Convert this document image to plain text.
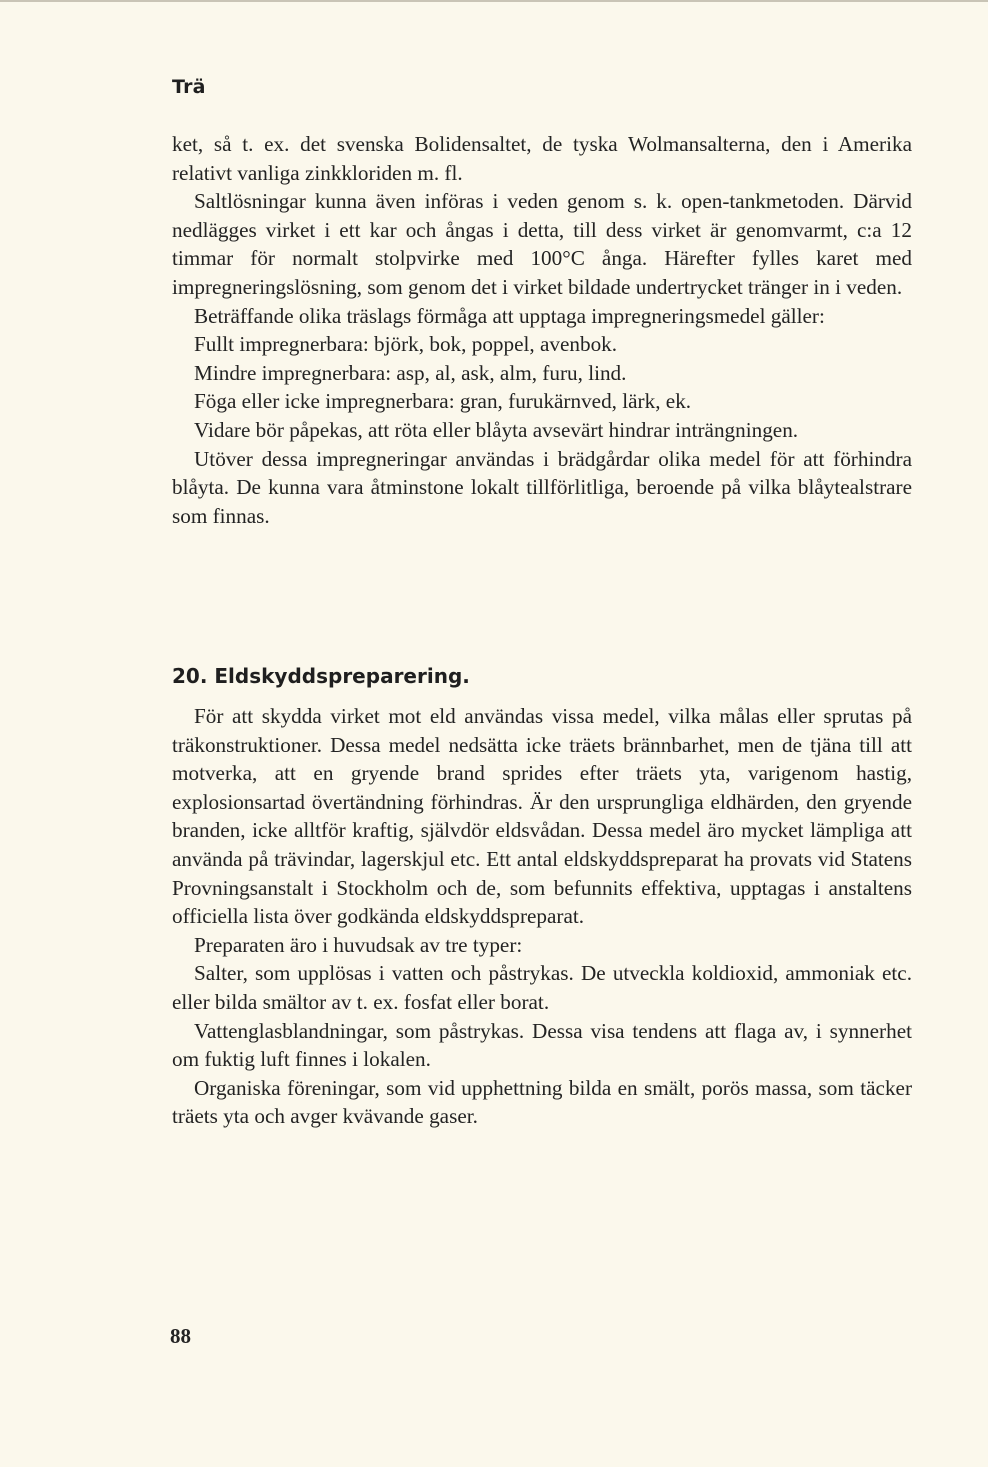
Trä

ket, så t. ex. det svenska Bolidensaltet, de tyska Wolmansalterna, den i Amerika relativt vanliga zinkkloriden m. fl.

Saltlösningar kunna även införas i veden genom s. k. open-tankmetoden. Därvid nedlägges virket i ett kar och ångas i detta, till dess virket är genomvarmt, c:a 12 timmar för normalt stolpvirke med 100°C ånga. Härefter fylles karet med impregneringslösning, som genom det i virket bildade undertrycket tränger in i veden.

Beträffande olika träslags förmåga att upptaga impregneringsmedel gäller:

Fullt impregnerbara: björk, bok, poppel, avenbok.

Mindre impregnerbara: asp, al, ask, alm, furu, lind.

Föga eller icke impregnerbara: gran, furukärnved, lärk, ek.

Vidare bör påpekas, att röta eller blåyta avsevärt hindrar inträngningen.

Utöver dessa impregneringar användas i brädgårdar olika medel för att förhindra blåyta. De kunna vara åtminstone lokalt tillförlitliga, beroende på vilka blåytealstrare som finnas.

20. Eldskyddspreparering.

För att skydda virket mot eld användas vissa medel, vilka målas eller sprutas på träkonstruktioner. Dessa medel nedsätta icke träets brännbarhet, men de tjäna till att motverka, att en gryende brand sprides efter träets yta, varigenom hastig, explosionsartad övertändning förhindras. Är den ursprungliga eldhärden, den gryende branden, icke alltför kraftig, självdör eldsvådan. Dessa medel äro mycket lämpliga att använda på trävindar, lagerskjul etc. Ett antal eldskyddspreparat ha provats vid Statens Provningsanstalt i Stockholm och de, som befunnits effektiva, upptagas i anstaltens officiella lista över godkända eldskyddspreparat.

Preparaten äro i huvudsak av tre typer:

Salter, som upplösas i vatten och påstrykas. De utveckla koldioxid, ammoniak etc. eller bilda smältor av t. ex. fosfat eller borat.

Vattenglasblandningar, som påstrykas. Dessa visa tendens att flaga av, i synnerhet om fuktig luft finnes i lokalen.

Organiska föreningar, som vid upphettning bilda en smält, porös massa, som täcker träets yta och avger kvävande gaser.

88
